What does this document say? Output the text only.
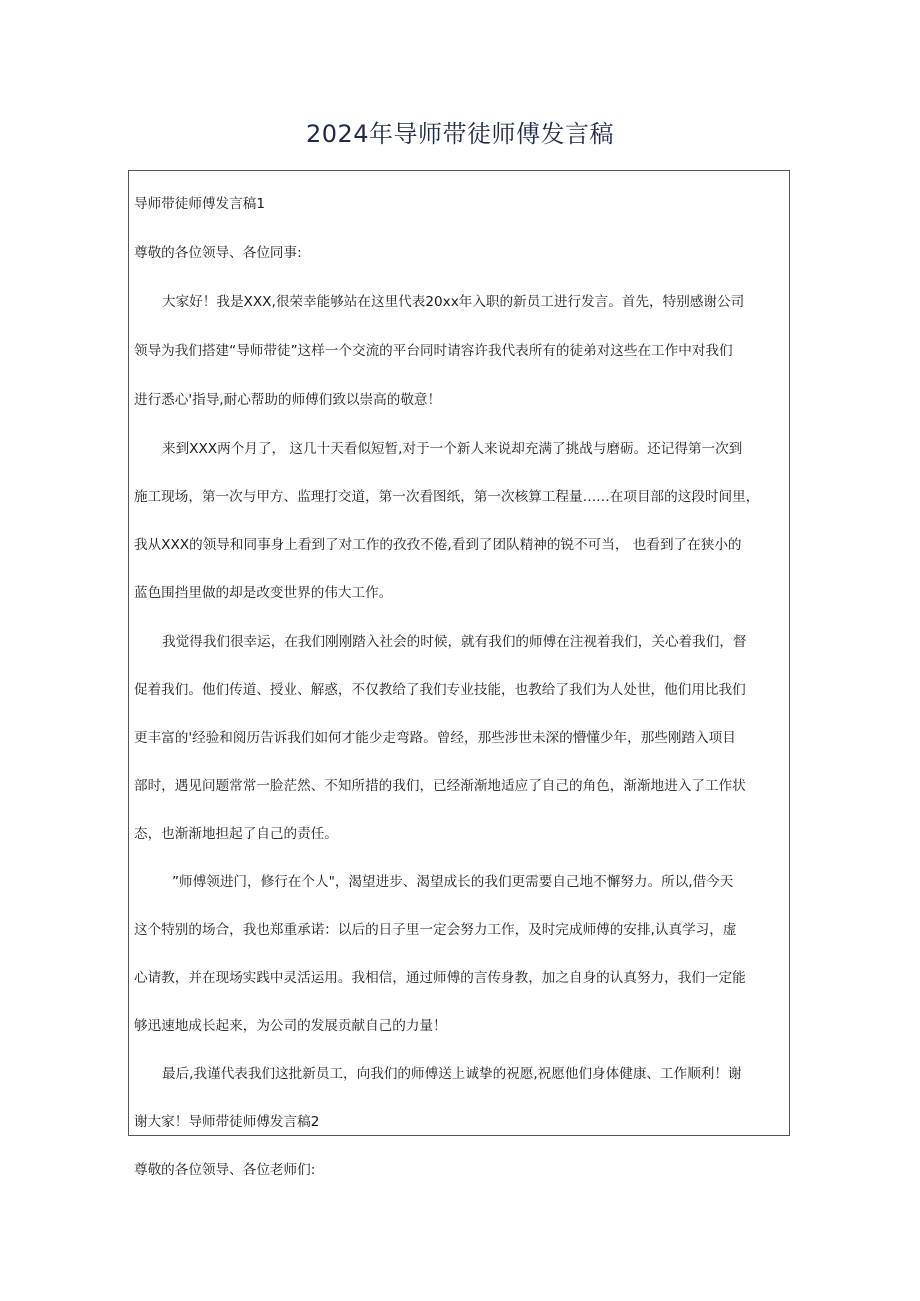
2024年导师带徒师傅发言稿
导师带徒师傅发言稿1
尊敬的各位领导、各位同事:
大家好！我是XXX,很荣幸能够站在这里代表20xx年入职的新员工进行发言。首先，特别感谢公司
领导为我们搭建“导师带徒”这样一个交流的平台同时请容许我代表所有的徒弟对这些在工作中对我们
进行悉心'指导,耐心帮助的师傅们致以崇高的敬意！
来到XXX两个月了， 这几十天看似短暂,对于一个新人来说却充满了挑战与磨砺。还记得第一次到
施工现场，第一次与甲方、监理打交道，第一次看图纸，第一次核算工程量……在项目部的这段时间里，
我从XXX的领导和同事身上看到了对工作的孜孜不倦,看到了团队精神的锐不可当， 也看到了在狭小的
蓝色围挡里做的却是改变世界的伟大工作。
我觉得我们很幸运，在我们刚刚踏入社会的时候，就有我们的师傅在注视着我们，关心着我们，督
促着我们。他们传道、授业、解惑，不仅教给了我们专业技能，也教给了我们为人处世，他们用比我们
更丰富的'经验和阅历告诉我们如何才能少走弯路。曾经，那些涉世未深的懵懂少年，那些刚踏入项目
部时，遇见问题常常一脸茫然、不知所措的我们，已经渐渐地适应了自己的角色，渐渐地进入了工作状
态，也渐渐地担起了自己的责任。
”师傅领进门，修行在个人"，渴望进步、渴望成长的我们更需要自己地不懈努力。所以,借今天
这个特别的场合，我也郑重承诺：以后的日子里一定会努力工作，及时完成师傅的安排,认真学习，虚
心请教，并在现场实践中灵活运用。我相信，通过师傅的言传身教，加之自身的认真努力，我们一定能
够迅速地成长起来，为公司的发展贡献自己的力量！
最后,我谨代表我们这批新员工，向我们的师傅送上诚挚的祝愿,祝愿他们身体健康、工作顺利！谢
谢大家！导师带徒师傅发言稿2
尊敬的各位领导、各位老师们:
